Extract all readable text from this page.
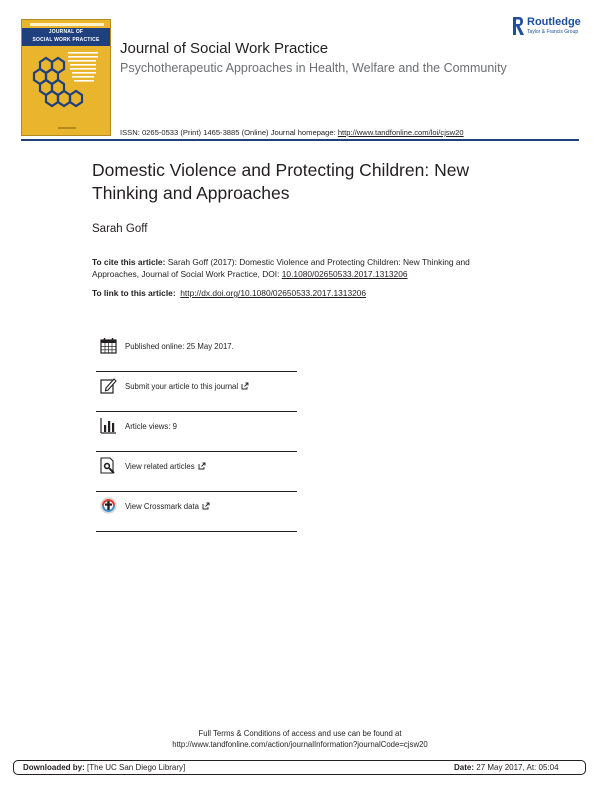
JOURNAL OF
SOCIAL WORK PRACTICE	Journal of Social Work Practice
Psychotherapeutic Approaches in Health, Welfare and the Community
ISSN: 0265-0533 (Print) 1465-3885 (Online) Journal homepage: http://www.tandfonline.com/loi/cjsw20
Routledge
Taylor & Francis Group
Domestic Violence and Protecting Children: New Thinking and Approaches
Sarah Goff
To cite this article: Sarah Goff (2017): Domestic Violence and Protecting Children: New Thinking and Approaches, Journal of Social Work Practice, DOI: 10.1080/02650533.2017.1313206
To link to this article: http://dx.doi.org/10.1080/02650533.2017.1313206
Published online: 25 May 2017.
Submit your article to this journal
Article views: 9
View related articles
View Crossmark data
Full Terms & Conditions of access and use can be found at
http://www.tandfonline.com/action/journalInformation?journalCode=cjsw20
Downloaded by: [The UC San Diego Library]	Date: 27 May 2017, At: 05:04
